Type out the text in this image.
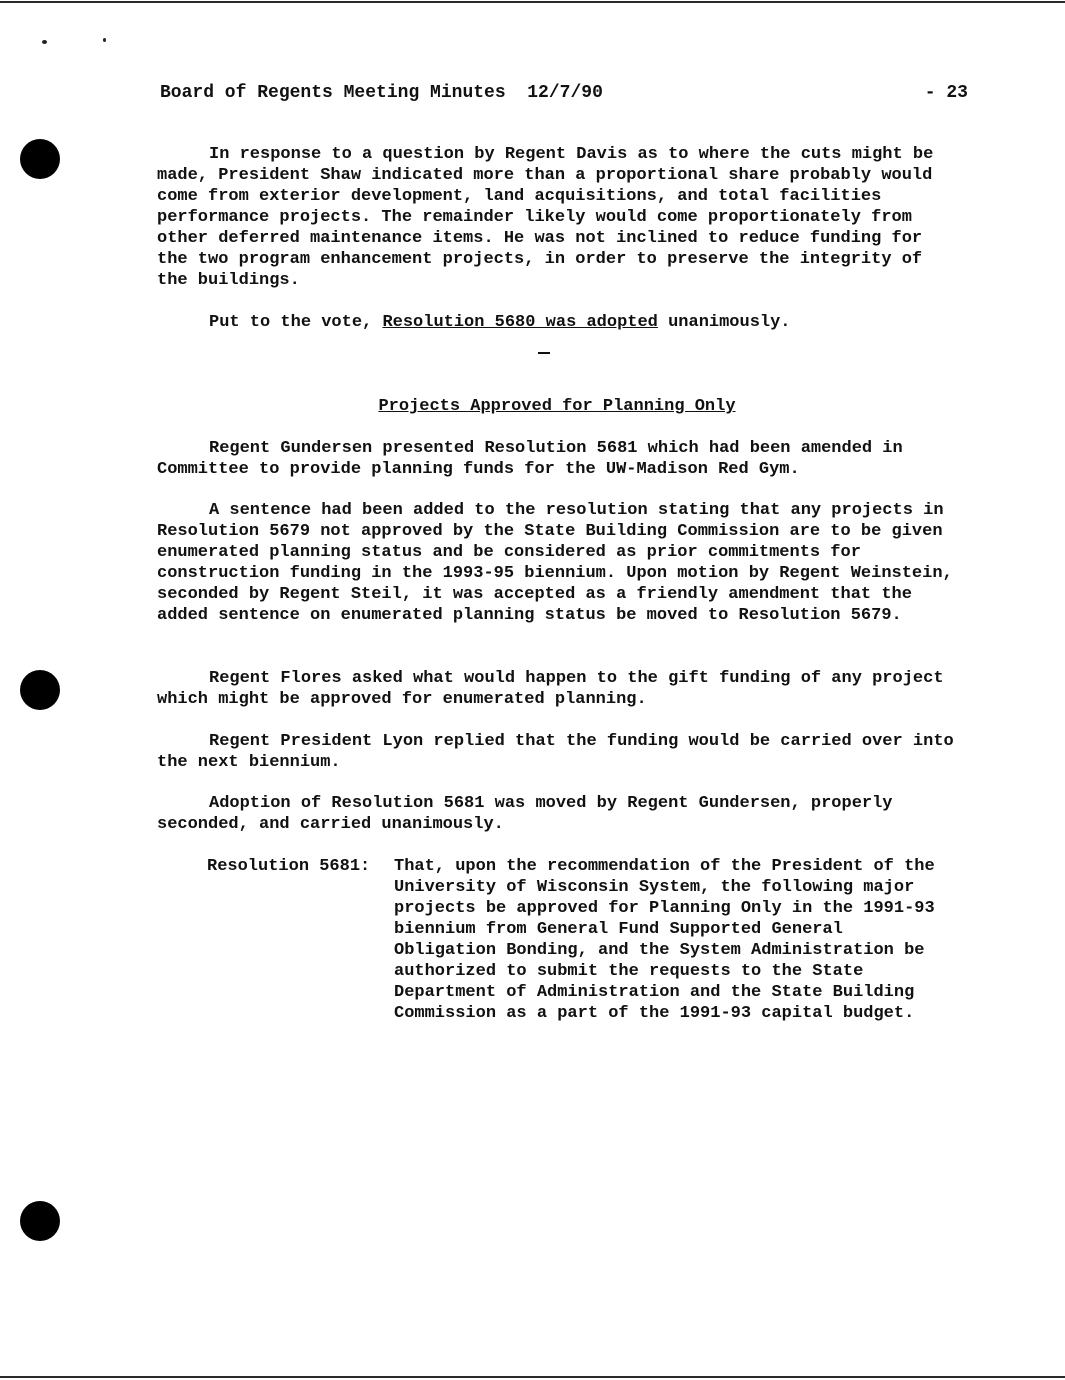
Board of Regents Meeting Minutes  12/7/90	- 23

In response to a question by Regent Davis as to where the cuts might be made, President Shaw indicated more than a proportional share probably would come from exterior development, land acquisitions, and total facilities performance projects. The remainder likely would come proportionately from other deferred maintenance items. He was not inclined to reduce funding for the two program enhancement projects, in order to preserve the integrity of the buildings.

Put to the vote, Resolution 5680 was adopted unanimously.

Projects Approved for Planning Only

Regent Gundersen presented Resolution 5681 which had been amended in Committee to provide planning funds for the UW-Madison Red Gym.

A sentence had been added to the resolution stating that any projects in Resolution 5679 not approved by the State Building Commission are to be given enumerated planning status and be considered as prior commitments for construction funding in the 1993-95 biennium. Upon motion by Regent Weinstein, seconded by Regent Steil, it was accepted as a friendly amendment that the added sentence on enumerated planning status be moved to Resolution 5679.

Regent Flores asked what would happen to the gift funding of any project which might be approved for enumerated planning.

Regent President Lyon replied that the funding would be carried over into the next biennium.

Adoption of Resolution 5681 was moved by Regent Gundersen, properly seconded, and carried unanimously.

Resolution 5681: That, upon the recommendation of the President of the University of Wisconsin System, the following major projects be approved for Planning Only in the 1991-93 biennium from General Fund Supported General Obligation Bonding, and the System Administration be authorized to submit the requests to the State Department of Administration and the State Building Commission as a part of the 1991-93 capital budget.
